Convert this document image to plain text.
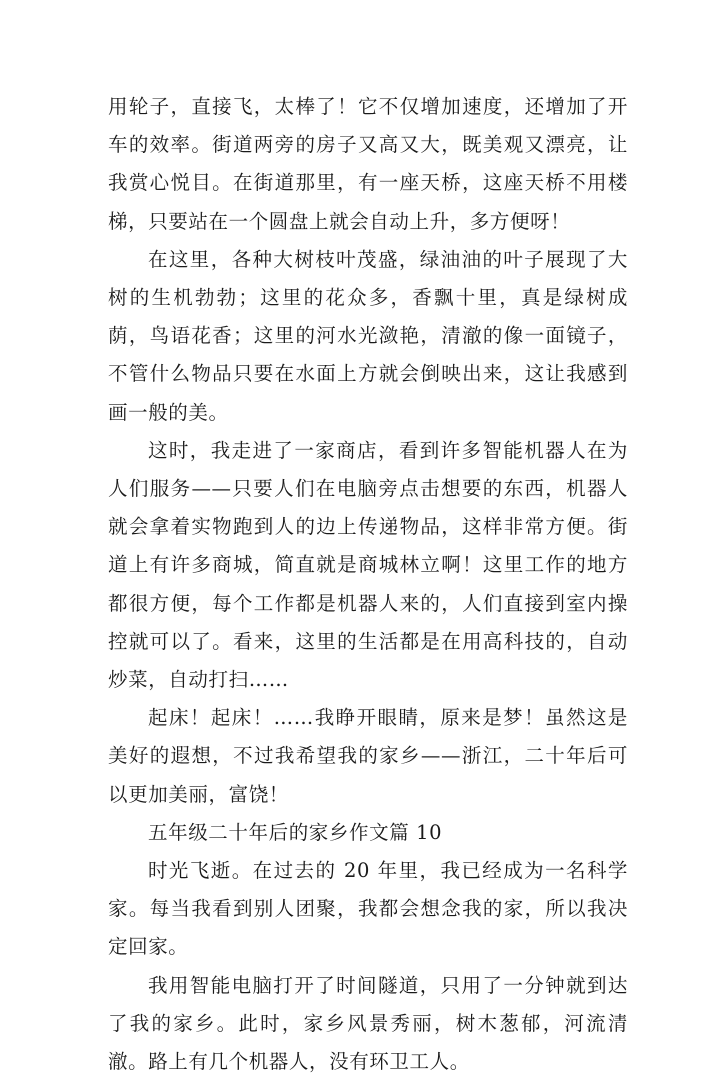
用轮子，直接飞，太棒了！它不仅增加速度，还增加了开车的效率。街道两旁的房子又高又大，既美观又漂亮，让我赏心悦目。在街道那里，有一座天桥，这座天桥不用楼梯，只要站在一个圆盘上就会自动上升，多方便呀！

在这里，各种大树枝叶茂盛，绿油油的叶子展现了大树的生机勃勃；这里的花众多，香飘十里，真是绿树成荫，鸟语花香；这里的河水光潋艳，清澈的像一面镜子，不管什么物品只要在水面上方就会倒映出来，这让我感到画一般的美。

这时，我走进了一家商店，看到许多智能机器人在为人们服务——只要人们在电脑旁点击想要的东西，机器人就会拿着实物跑到人的边上传递物品，这样非常方便。街道上有许多商城，简直就是商城林立啊！这里工作的地方都很方便，每个工作都是机器人来的，人们直接到室内操控就可以了。看来，这里的生活都是在用高科技的，自动炒菜，自动打扫……

起床！起床！……我睁开眼睛，原来是梦！虽然这是美好的遐想，不过我希望我的家乡——浙江，二十年后可以更加美丽，富饶！

五年级二十年后的家乡作文篇 10

时光飞逝。在过去的 20 年里，我已经成为一名科学家。每当我看到别人团聚，我都会想念我的家，所以我决定回家。

我用智能电脑打开了时间隧道，只用了一分钟就到达了我的家乡。此时，家乡风景秀丽，树木葱郁，河流清澈。路上有几个机器人，没有环卫工人。
